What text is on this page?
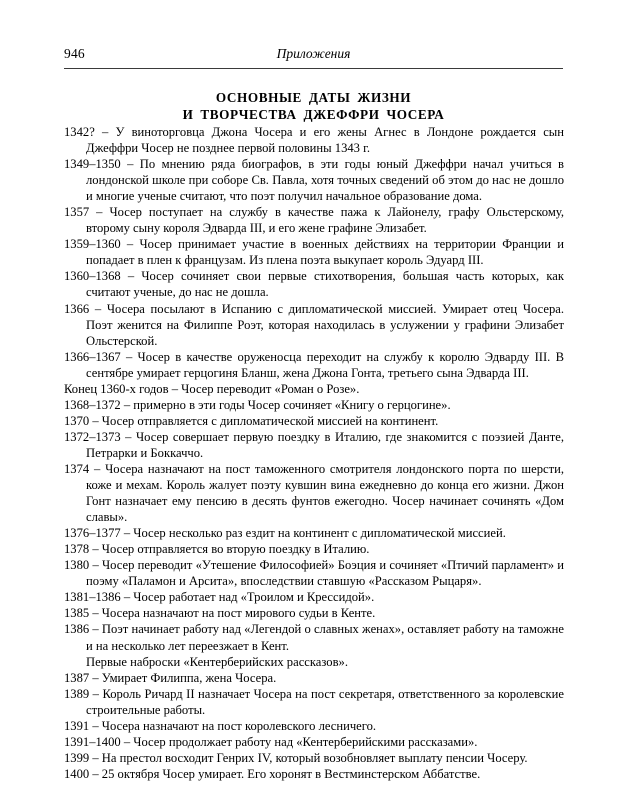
946	Приложения
ОСНОВНЫЕ ДАТЫ ЖИЗНИ
И ТВОРЧЕСТВА ДЖЕФФРИ ЧОСЕРА

1342? – У виноторговца Джона Чосера и его жены Агнес в Лондоне рождается сын Джеффри Чосер не позднее первой половины 1343 г.

1349–1350 – По мнению ряда биографов, в эти годы юный Джеффри начал учиться в лондонской школе при соборе Св. Павла, хотя точных сведений об этом до нас не дошло и многие ученые считают, что поэт получил начальное образование дома.

1357 – Чосер поступает на службу в качестве пажа к Лайонелу, графу Ольстерскому, второму сыну короля Эдварда III, и его жене графине Элизабет.

1359–1360 – Чосер принимает участие в военных действиях на территории Франции и попадает в плен к французам. Из плена поэта выкупает король Эдуард III.

1360–1368 – Чосер сочиняет свои первые стихотворения, большая часть которых, как считают ученые, до нас не дошла.

1366 – Чосера посылают в Испанию с дипломатической миссией. Умирает отец Чосера. Поэт женится на Филиппе Роэт, которая находилась в услужении у графини Элизабет Ольстерской.

1366–1367 – Чосер в качестве оруженосца переходит на службу к королю Эдварду III. В сентябре умирает герцогиня Бланш, жена Джона Гонта, третьего сына Эдварда III.

Конец 1360-х годов – Чосер переводит «Роман о Розе».

1368–1372 – примерно в эти годы Чосер сочиняет «Книгу о герцогине».

1370 – Чосер отправляется с дипломатической миссией на континент.

1372–1373 – Чосер совершает первую поездку в Италию, где знакомится с поэзией Данте, Петрарки и Боккаччо.

1374 – Чосера назначают на пост таможенного смотрителя лондонского порта по шерсти, коже и мехам. Король жалует поэту кувшин вина ежедневно до конца его жизни. Джон Гонт назначает ему пенсию в десять фунтов ежегодно. Чосер начинает сочинять «Дом славы».

1376–1377 – Чосер несколько раз ездит на континент с дипломатической миссией.

1378 – Чосер отправляется во вторую поездку в Италию.

1380 – Чосер переводит «Утешение Философией» Боэция и сочиняет «Птичий парламент» и поэму «Паламон и Арсита», впоследствии ставшую «Рассказом Рыцаря».

1381–1386 – Чосер работает над «Троилом и Крессидой».

1385 – Чосера назначают на пост мирового судьи в Кенте.

1386 – Поэт начинает работу над «Легендой о славных женах», оставляет работу на таможне и на несколько лет переезжает в Кент.
Первые наброски «Кентерберийских рассказов».

1387 – Умирает Филиппа, жена Чосера.

1389 – Король Ричард II назначает Чосера на пост секретаря, ответственного за королевские строительные работы.

1391 – Чосера назначают на пост королевского лесничего.

1391–1400 – Чосер продолжает работу над «Кентерберийскими рассказами».

1399 – На престол восходит Генрих IV, который возобновляет выплату пенсии Чосеру.

1400 – 25 октября Чосер умирает. Его хоронят в Вестминстерском Аббатстве.
